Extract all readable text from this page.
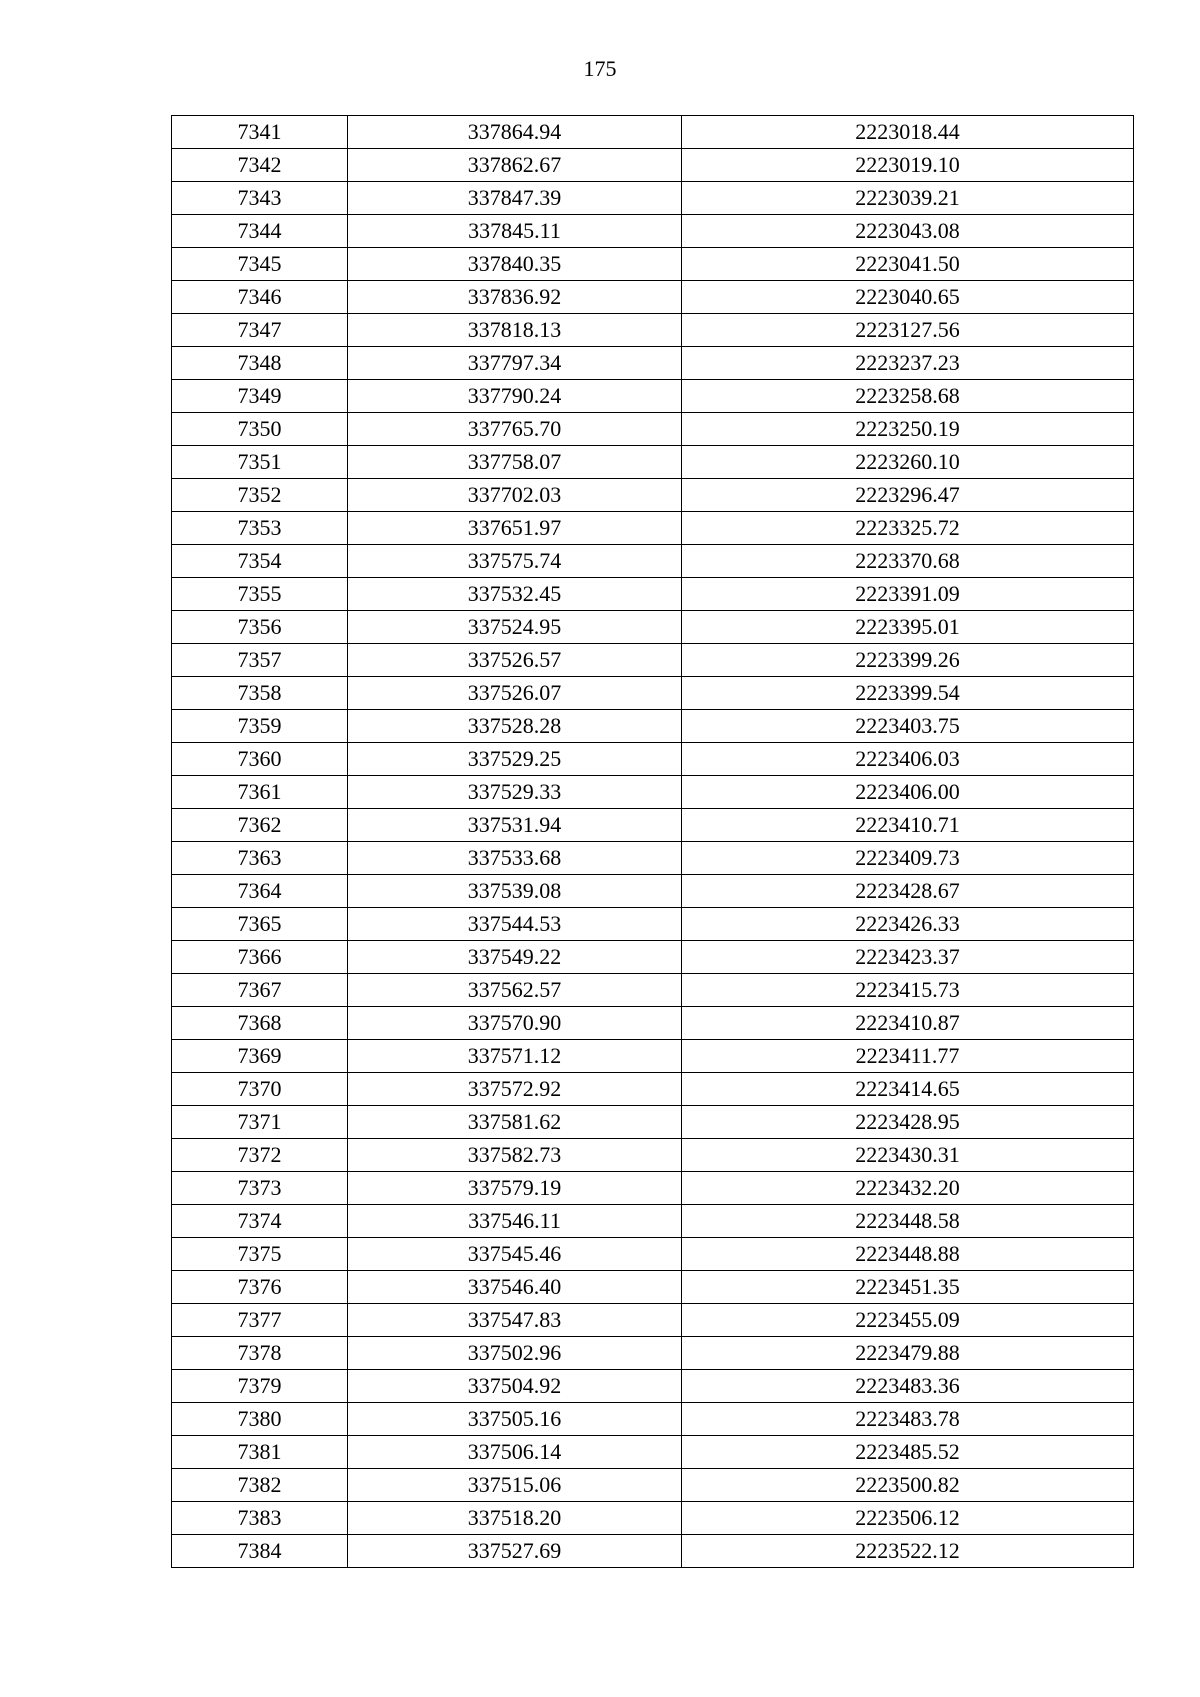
175
7341	337864.94	2223018.44
7342	337862.67	2223019.10
7343	337847.39	2223039.21
7344	337845.11	2223043.08
7345	337840.35	2223041.50
7346	337836.92	2223040.65
7347	337818.13	2223127.56
7348	337797.34	2223237.23
7349	337790.24	2223258.68
7350	337765.70	2223250.19
7351	337758.07	2223260.10
7352	337702.03	2223296.47
7353	337651.97	2223325.72
7354	337575.74	2223370.68
7355	337532.45	2223391.09
7356	337524.95	2223395.01
7357	337526.57	2223399.26
7358	337526.07	2223399.54
7359	337528.28	2223403.75
7360	337529.25	2223406.03
7361	337529.33	2223406.00
7362	337531.94	2223410.71
7363	337533.68	2223409.73
7364	337539.08	2223428.67
7365	337544.53	2223426.33
7366	337549.22	2223423.37
7367	337562.57	2223415.73
7368	337570.90	2223410.87
7369	337571.12	2223411.77
7370	337572.92	2223414.65
7371	337581.62	2223428.95
7372	337582.73	2223430.31
7373	337579.19	2223432.20
7374	337546.11	2223448.58
7375	337545.46	2223448.88
7376	337546.40	2223451.35
7377	337547.83	2223455.09
7378	337502.96	2223479.88
7379	337504.92	2223483.36
7380	337505.16	2223483.78
7381	337506.14	2223485.52
7382	337515.06	2223500.82
7383	337518.20	2223506.12
7384	337527.69	2223522.12
